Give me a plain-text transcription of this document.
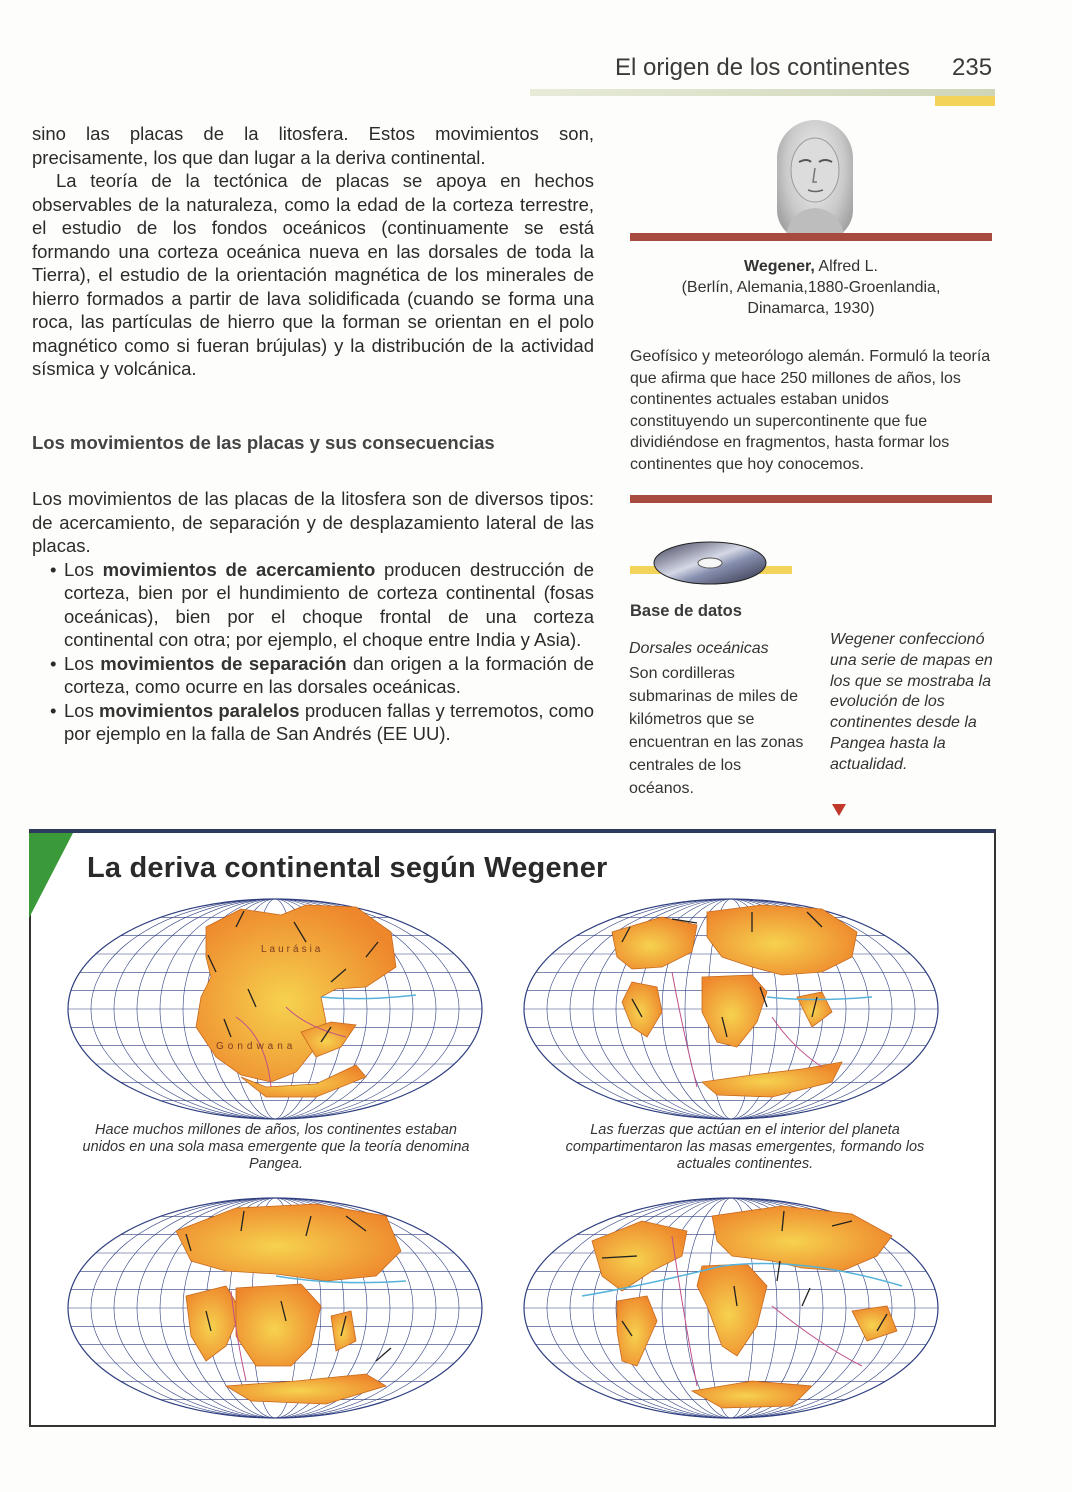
El origen de los continentes 235

sino las placas de la litosfera. Estos movimientos son, precisamente, los que dan lugar a la deriva continental.

La teoría de la tectónica de placas se apoya en hechos observables de la naturaleza, como la edad de la corteza terrestre, el estudio de los fondos oceánicos (continuamente se está formando una corteza oceánica nueva en las dorsales de toda la Tierra), el estudio de la orientación magnética de los minerales de hierro formados a partir de lava solidificada (cuando se forma una roca, las partículas de hierro que la forman se orientan en el polo magnético como si fueran brújulas) y la distribución de la actividad sísmica y volcánica.

Los movimientos de las placas y sus consecuencias

Los movimientos de las placas de la litosfera son de diversos tipos: de acercamiento, de separación y de desplazamiento lateral de las placas.

• Los movimientos de acercamiento producen destrucción de corteza, bien por el hundimiento de corteza continental (fosas oceánicas), bien por el choque frontal de una corteza continental con otra; por ejemplo, el choque entre India y Asia).
• Los movimientos de separación dan origen a la formación de corteza, como ocurre en las dorsales oceánicas.
• Los movimientos paralelos producen fallas y terremotos, como por ejemplo en la falla de San Andrés (EE UU).
Wegener, Alfred L.
(Berlín, Alemania,1880-Groenlandia,
Dinamarca, 1930)
Geofísico y meteorólogo alemán. Formuló la teoría que afirma que hace 250 millones de años, los continentes actuales estaban unidos constituyendo un supercontinente que fue dividiéndose en fragmentos, hasta formar los continentes que hoy conocemos.
Base de datos
Dorsales oceánicas
Son cordilleras submarinas de miles de kilómetros que se encuentran en las zonas centrales de los océanos.
Wegener confeccionó una serie de mapas en los que se mostraba la evolución de los continentes desde la Pangea hasta la actualidad.
La deriva continental según Wegener
Laurásia
Gondwana
Hace muchos millones de años, los continentes estaban unidos en una sola masa emergente que la teoría denomina Pangea.
Las fuerzas que actúan en el interior del planeta compartimentaron las masas emergentes, formando los actuales continentes.
